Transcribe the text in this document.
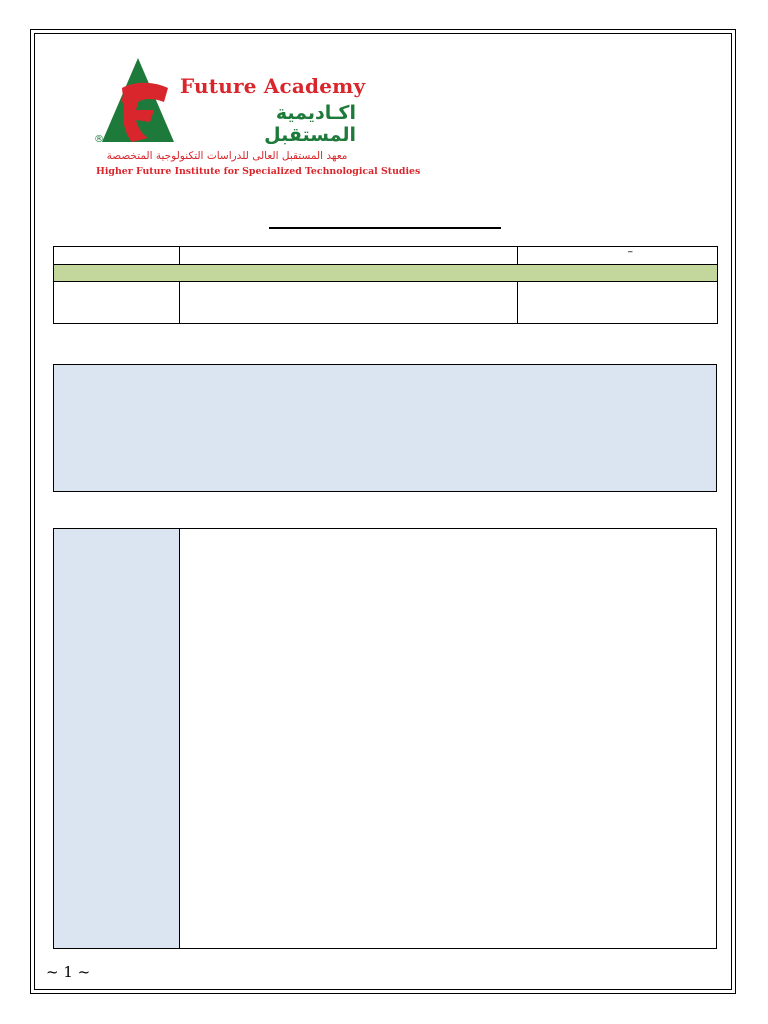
®
Future Academy
اكـاديمية المستقبل
معهد المستقبل العالى للدراسات التكنولوجية المتخصصة
Higher Future Institute for Specialized Technological Studies
		–

~ 1 ~
